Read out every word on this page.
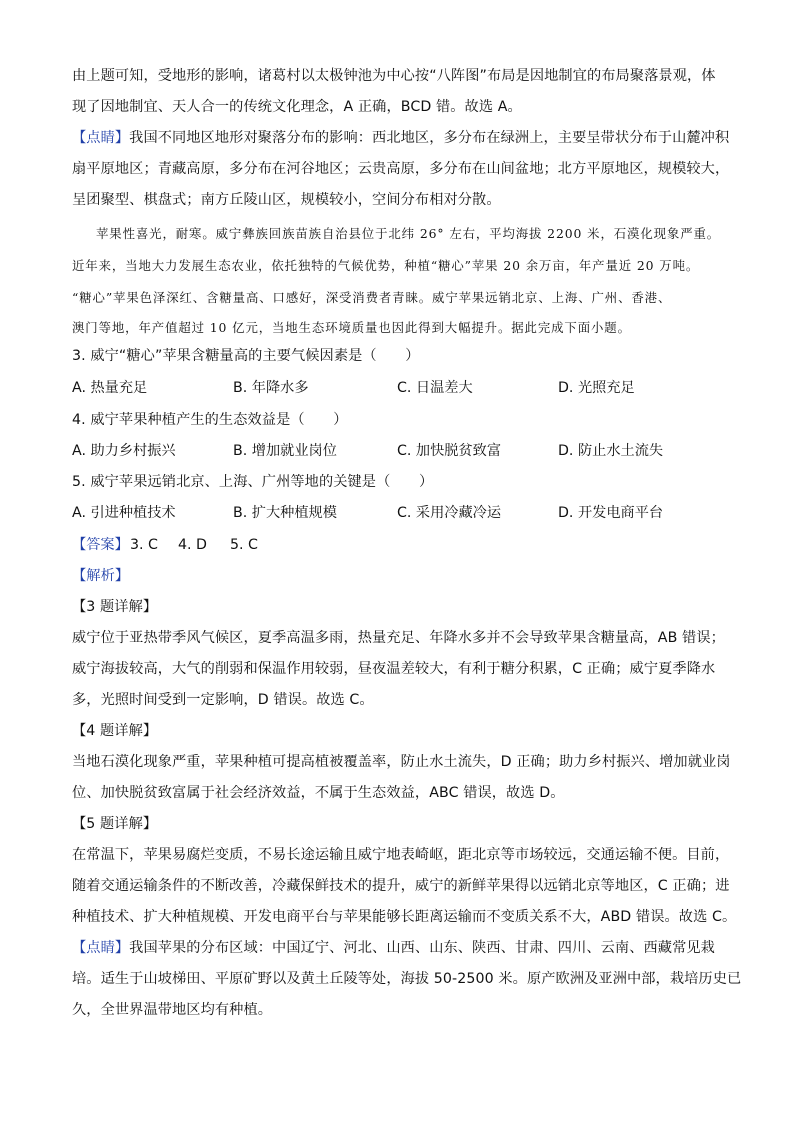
由上题可知，受地形的影响，诸葛村以太极钟池为中心按“八阵图”布局是因地制宜的布局聚落景观，体
现了因地制宜、天人合一的传统文化理念，A 正确，BCD 错。故选 A。
【点睛】我国不同地区地形对聚落分布的影响：西北地区，多分布在绿洲上，主要呈带状分布于山麓冲积
扇平原地区；青藏高原，多分布在河谷地区；云贵高原，多分布在山间盆地；北方平原地区，规模较大，
呈团聚型、棋盘式；南方丘陵山区，规模较小，空间分布相对分散。
苹果性喜光，耐寒。威宁彝族回族苗族自治县位于北纬 26° 左右，平均海拔 2200 米，石漠化现象严重。
近年来，当地大力发展生态农业，依托独特的气候优势，种植“糖心”苹果 20 余万亩，年产量近 20 万吨。
“糖心”苹果色泽深红、含糖量高、口感好，深受消费者青睐。威宁苹果远销北京、上海、广州、香港、
澳门等地，年产值超过 10 亿元，当地生态环境质量也因此得到大幅提升。据此完成下面小题。
3. 威宁“糖心”苹果含糖量高的主要气候因素是（　　）
A. 热量充足	B. 年降水多	C. 日温差大	D. 光照充足
4. 威宁苹果种植产生的生态效益是（　　）
A. 助力乡村振兴	B. 增加就业岗位	C. 加快脱贫致富	D. 防止水土流失
5. 威宁苹果远销北京、上海、广州等地的关键是（　　）
A. 引进种植技术	B. 扩大种植规模	C. 采用冷藏冷运	D. 开发电商平台
【答案】 3. C 4. D 5. C
【解析】
【3 题详解】
威宁位于亚热带季风气候区，夏季高温多雨，热量充足、年降水多并不会导致苹果含糖量高，AB 错误；
威宁海拔较高，大气的削弱和保温作用较弱，昼夜温差较大，有利于糖分积累，C 正确；威宁夏季降水
多，光照时间受到一定影响，D 错误。故选 C。
【4 题详解】
当地石漠化现象严重，苹果种植可提高植被覆盖率，防止水土流失，D 正确；助力乡村振兴、增加就业岗
位、加快脱贫致富属于社会经济效益，不属于生态效益，ABC 错误，故选 D。
【5 题详解】
在常温下，苹果易腐烂变质，不易长途运输且威宁地表崎岖，距北京等市场较远，交通运输不便。目前，
随着交通运输条件的不断改善，冷藏保鲜技术的提升，威宁的新鲜苹果得以远销北京等地区，C 正确；进
种植技术、扩大种植规模、开发电商平台与苹果能够长距离运输而不变质关系不大，ABD 错误。故选 C。
【点睛】我国苹果的分布区域：中国辽宁、河北、山西、山东、陕西、甘肃、四川、云南、西藏常见栽
培。适生于山坡梯田、平原矿野以及黄土丘陵等处，海拔 50-2500 米。原产欧洲及亚洲中部，栽培历史已
久，全世界温带地区均有种植。
